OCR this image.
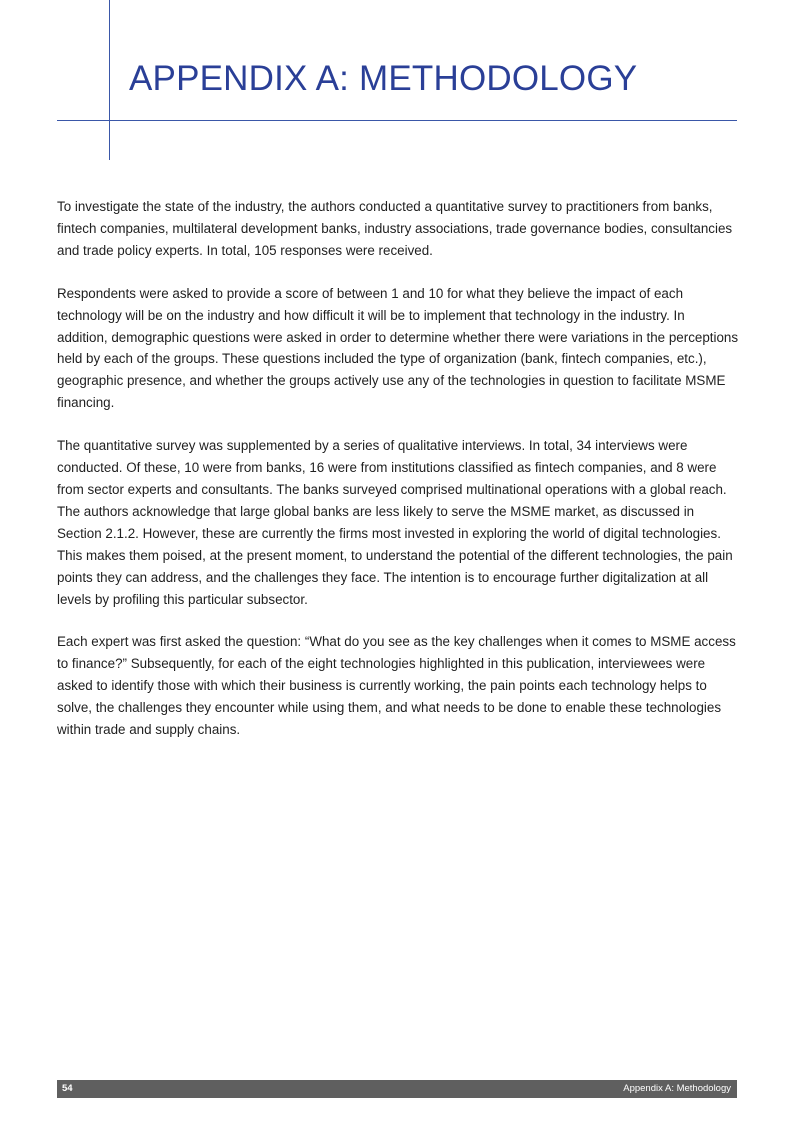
APPENDIX A: METHODOLOGY

To investigate the state of the industry, the authors conducted a quantitative survey to practitioners from banks, fintech companies, multilateral development banks, industry associations, trade governance bodies, consultancies and trade policy experts. In total, 105 responses were received.

Respondents were asked to provide a score of between 1 and 10 for what they believe the impact of each technology will be on the industry and how difficult it will be to implement that technology in the industry. In addition, demographic questions were asked in order to determine whether there were variations in the perceptions held by each of the groups. These questions included the type of organization (bank, fintech companies, etc.), geographic presence, and whether the groups actively use any of the technologies in question to facilitate MSME financing.

The quantitative survey was supplemented by a series of qualitative interviews. In total, 34 interviews were conducted. Of these, 10 were from banks, 16 were from institutions classified as fintech companies, and 8 were from sector experts and consultants. The banks surveyed comprised multinational operations with a global reach. The authors acknowledge that large global banks are less likely to serve the MSME market, as discussed in Section 2.1.2. However, these are currently the firms most invested in exploring the world of digital technologies. This makes them poised, at the present moment, to understand the potential of the different technologies, the pain points they can address, and the challenges they face. The intention is to encourage further digitalization at all levels by profiling this particular subsector.

Each expert was first asked the question: “What do you see as the key challenges when it comes to MSME access to finance?” Subsequently, for each of the eight technologies highlighted in this publication, interviewees were asked to identify those with which their business is currently working, the pain points each technology helps to solve, the challenges they encounter while using them, and what needs to be done to enable these technologies within trade and supply chains.

54	Appendix A: Methodology
